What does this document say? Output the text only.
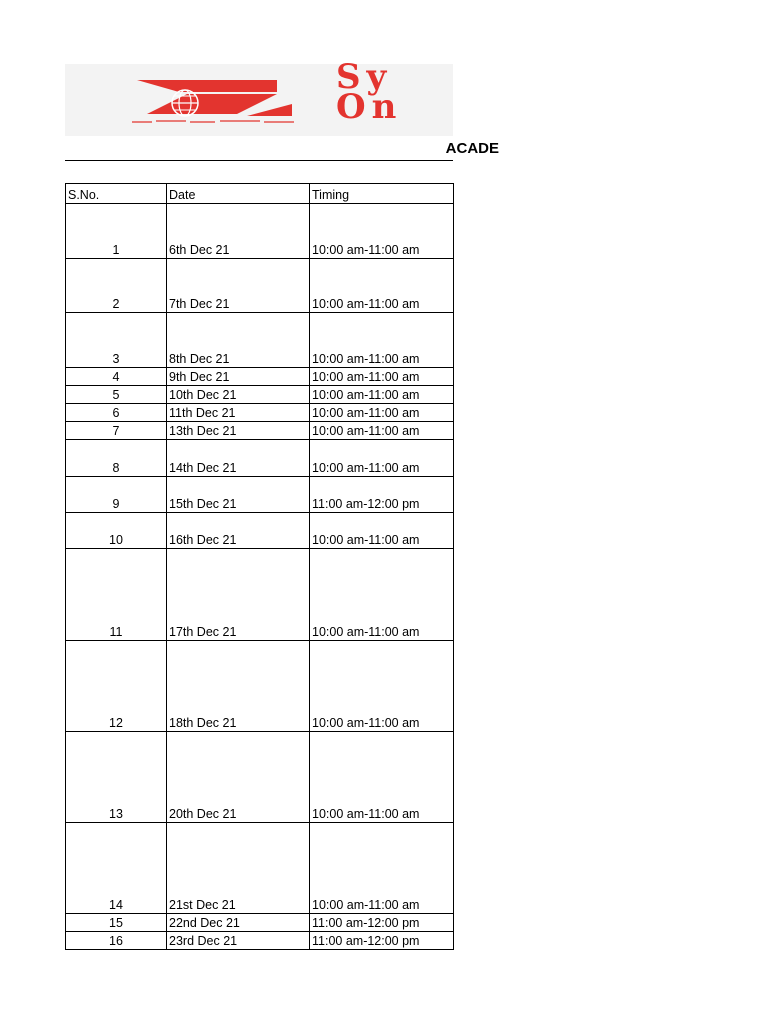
Sy
On
ACADE
S.No.	Date	Timing
1	6th Dec 21	10:00 am-11:00 am
2	7th Dec 21	10:00 am-11:00 am
3	8th Dec 21	10:00 am-11:00 am
4	9th Dec 21	10:00 am-11:00 am
5	10th Dec 21	10:00 am-11:00 am
6	11th Dec 21	10:00 am-11:00 am
7	13th Dec 21	10:00 am-11:00 am
8	14th Dec 21	10:00 am-11:00 am
9	15th Dec 21	11:00 am-12:00 pm
10	16th Dec 21	10:00 am-11:00 am
11	17th Dec 21	10:00 am-11:00 am
12	18th Dec 21	10:00 am-11:00 am
13	20th Dec 21	10:00 am-11:00 am
14	21st Dec 21	10:00 am-11:00 am
15	22nd Dec 21	11:00 am-12:00 pm
16	23rd Dec 21	11:00 am-12:00 pm
